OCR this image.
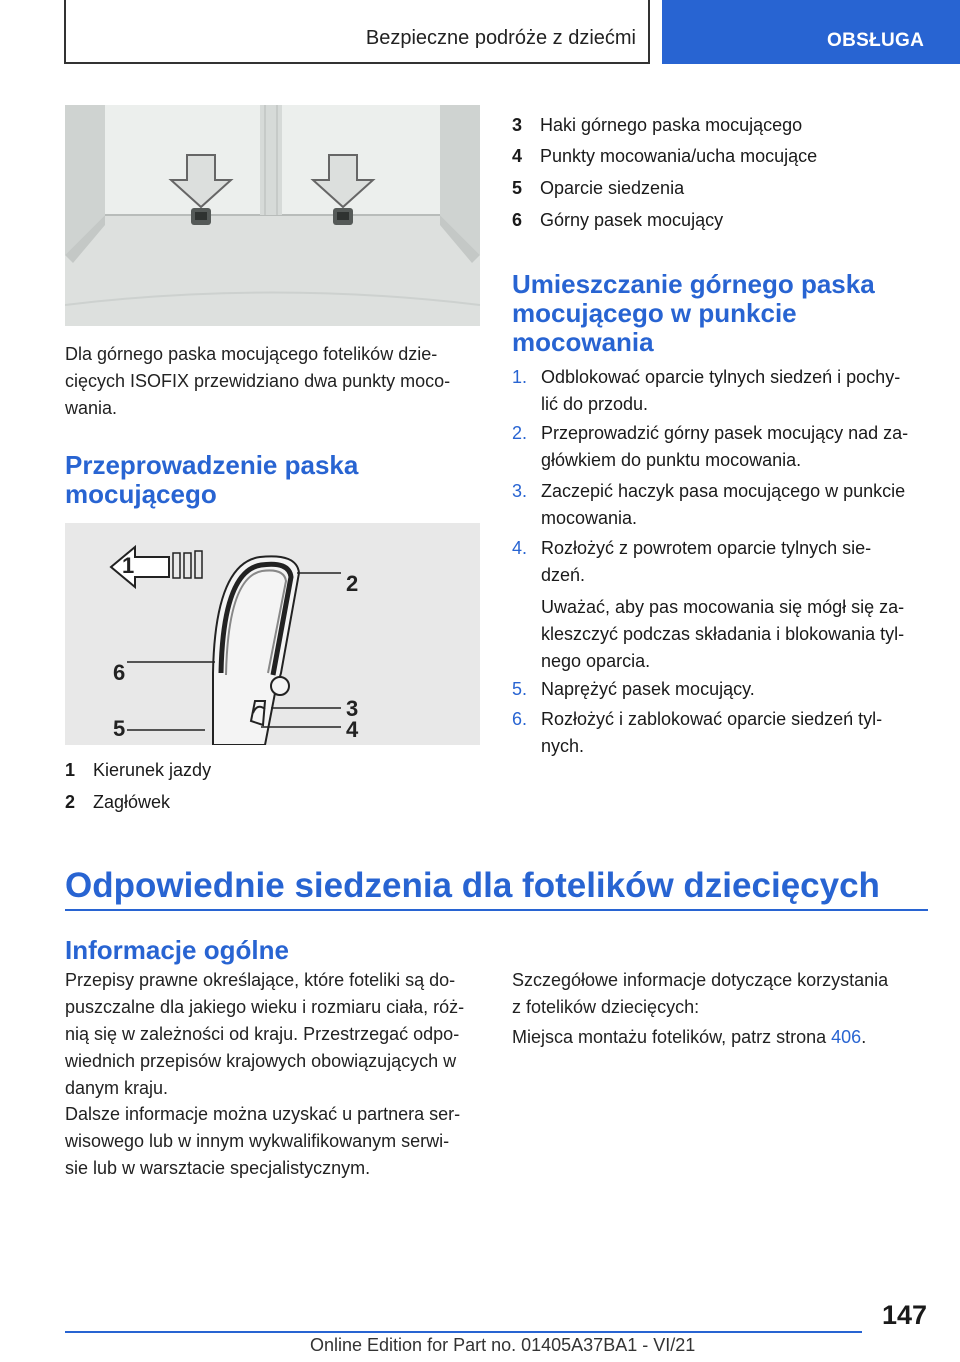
Bezpieczne podróże z dziećmi	OBSŁUGA
Dla górnego paska mocującego fotelików dzie-
cięcych ISOFIX przewidziano dwa punkty moco-
wania.
Przeprowadzenie paska
mocującego
1
2
6
3
5	4
1 Kierunek jazdy
2 Zagłówek
3 Haki górnego paska mocującego
4 Punkty mocowania/ucha mocujące
5 Oparcie siedzenia
6 Górny pasek mocujący
Umieszczanie górnego paska
mocującego w punkcie
mocowania
1. Odblokować oparcie tylnych siedzeń i pochy-
lić do przodu.
2. Przeprowadzić górny pasek mocujący nad za-
główkiem do punktu mocowania.
3. Zaczepić haczyk pasa mocującego w punkcie
mocowania.
4. Rozłożyć z powrotem oparcie tylnych sie-
dzeń.
Uważać, aby pas mocowania się mógł się za-
kleszczyć podczas składania i blokowania tyl-
nego oparcia.
5. Naprężyć pasek mocujący.
6. Rozłożyć i zablokować oparcie siedzeń tyl-
nych.
Odpowiednie siedzenia dla fotelików dziecięcych
Informacje ogólne
Przepisy prawne określające, które foteliki są do-
puszczalne dla jakiego wieku i rozmiaru ciała, róż-
nią się w zależności od kraju. Przestrzegać odpo-
wiednich przepisów krajowych obowiązujących w
danym kraju.
Dalsze informacje można uzyskać u partnera ser-
wisowego lub w innym wykwalifikowanym serwi-
sie lub w warsztacie specjalistycznym.
Szczegółowe informacje dotyczące korzystania
z fotelików dziecięcych:
Miejsca montażu fotelików, patrz strona 406.
147
Online Edition for Part no. 01405A37BA1 - VI/21
